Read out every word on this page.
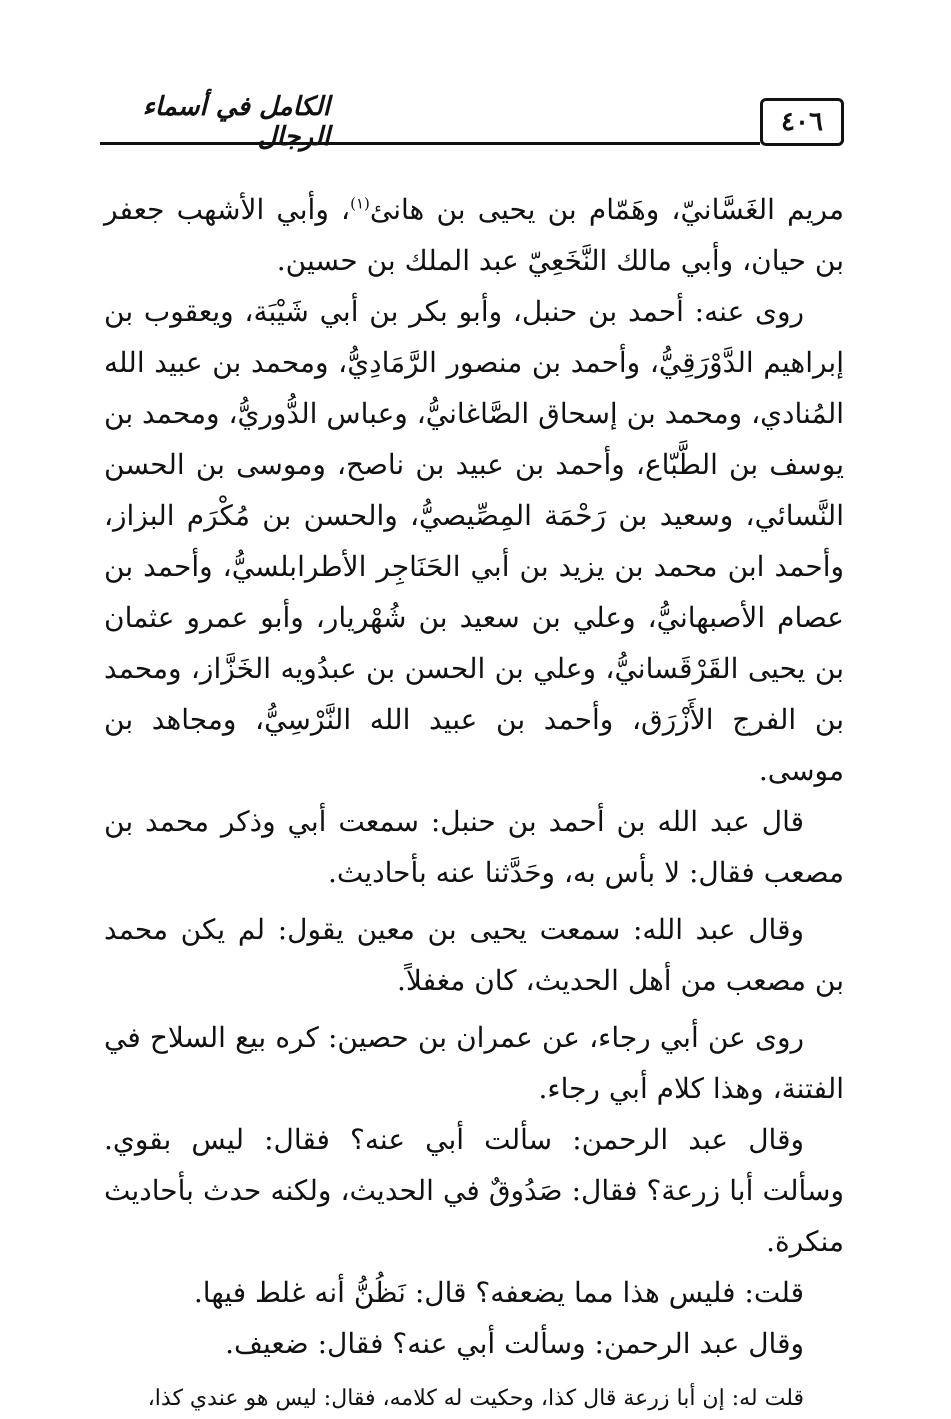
الكامل في أسماء الرجال	٤٠٦

مريم الغَسَّانيّ، وهَمّام بن يحيى بن هانئ$^{(١)}$، وأبي الأشهب جعفر بن حيان، وأبي مالك النَّخَعِيّ عبد الملك بن حسين.

روى عنه: أحمد بن حنبل، وأبو بكر بن أبي شَيْبَة، ويعقوب بن إبراهيم الدَّوْرَقِيُّ، وأحمد بن منصور الرَّمَادِيُّ، ومحمد بن عبيد الله المُنادي، ومحمد بن إسحاق الصَّاغانيُّ، وعباس الدُّوريُّ، ومحمد بن يوسف بن الطَّبّاع، وأحمد بن عبيد بن ناصح، وموسى بن الحسن النَّسائي، وسعيد بن رَحْمَة المِصِّيصيُّ، والحسن بن مُكْرَم البزاز، وأحمد ابن محمد بن يزيد بن أبي الحَنَاجِر الأطرابلسيُّ، وأحمد بن عصام الأصبهانيُّ، وعلي بن سعيد بن شُهْريار، وأبو عمرو عثمان بن يحيى القَرْقَسانيُّ، وعلي بن الحسن بن عبدُويه الخَزَّاز، ومحمد بن الفرج الأَزْرَق، وأحمد بن عبيد الله النَّرْسِيُّ، ومجاهد بن موسى.

قال عبد الله بن أحمد بن حنبل: سمعت أبي وذكر محمد بن مصعب فقال: لا بأس به، وحَدَّثنا عنه بأحاديث.

وقال عبد الله: سمعت يحيى بن معين يقول: لم يكن محمد بن مصعب من أهل الحديث، كان مغفلاً.

روى عن أبي رجاء، عن عمران بن حصين: كره بيع السلاح في الفتنة، وهذا كلام أبي رجاء.

وقال عبد الرحمن: سألت أبي عنه؟ فقال: ليس بقوي. وسألت أبا زرعة؟ فقال: صَدُوقٌ في الحديث، ولكنه حدث بأحاديث منكرة.

قلت: فليس هذا مما يضعفه؟ قال: نَظُنُّ أنه غلط فيها.

وقال عبد الرحمن: وسألت أبي عنه؟ فقال: ضعيف.

قلت له: إن أبا زرعة قال كذا، وحكيت له كلامه، فقال: ليس هو عندي كذا،
